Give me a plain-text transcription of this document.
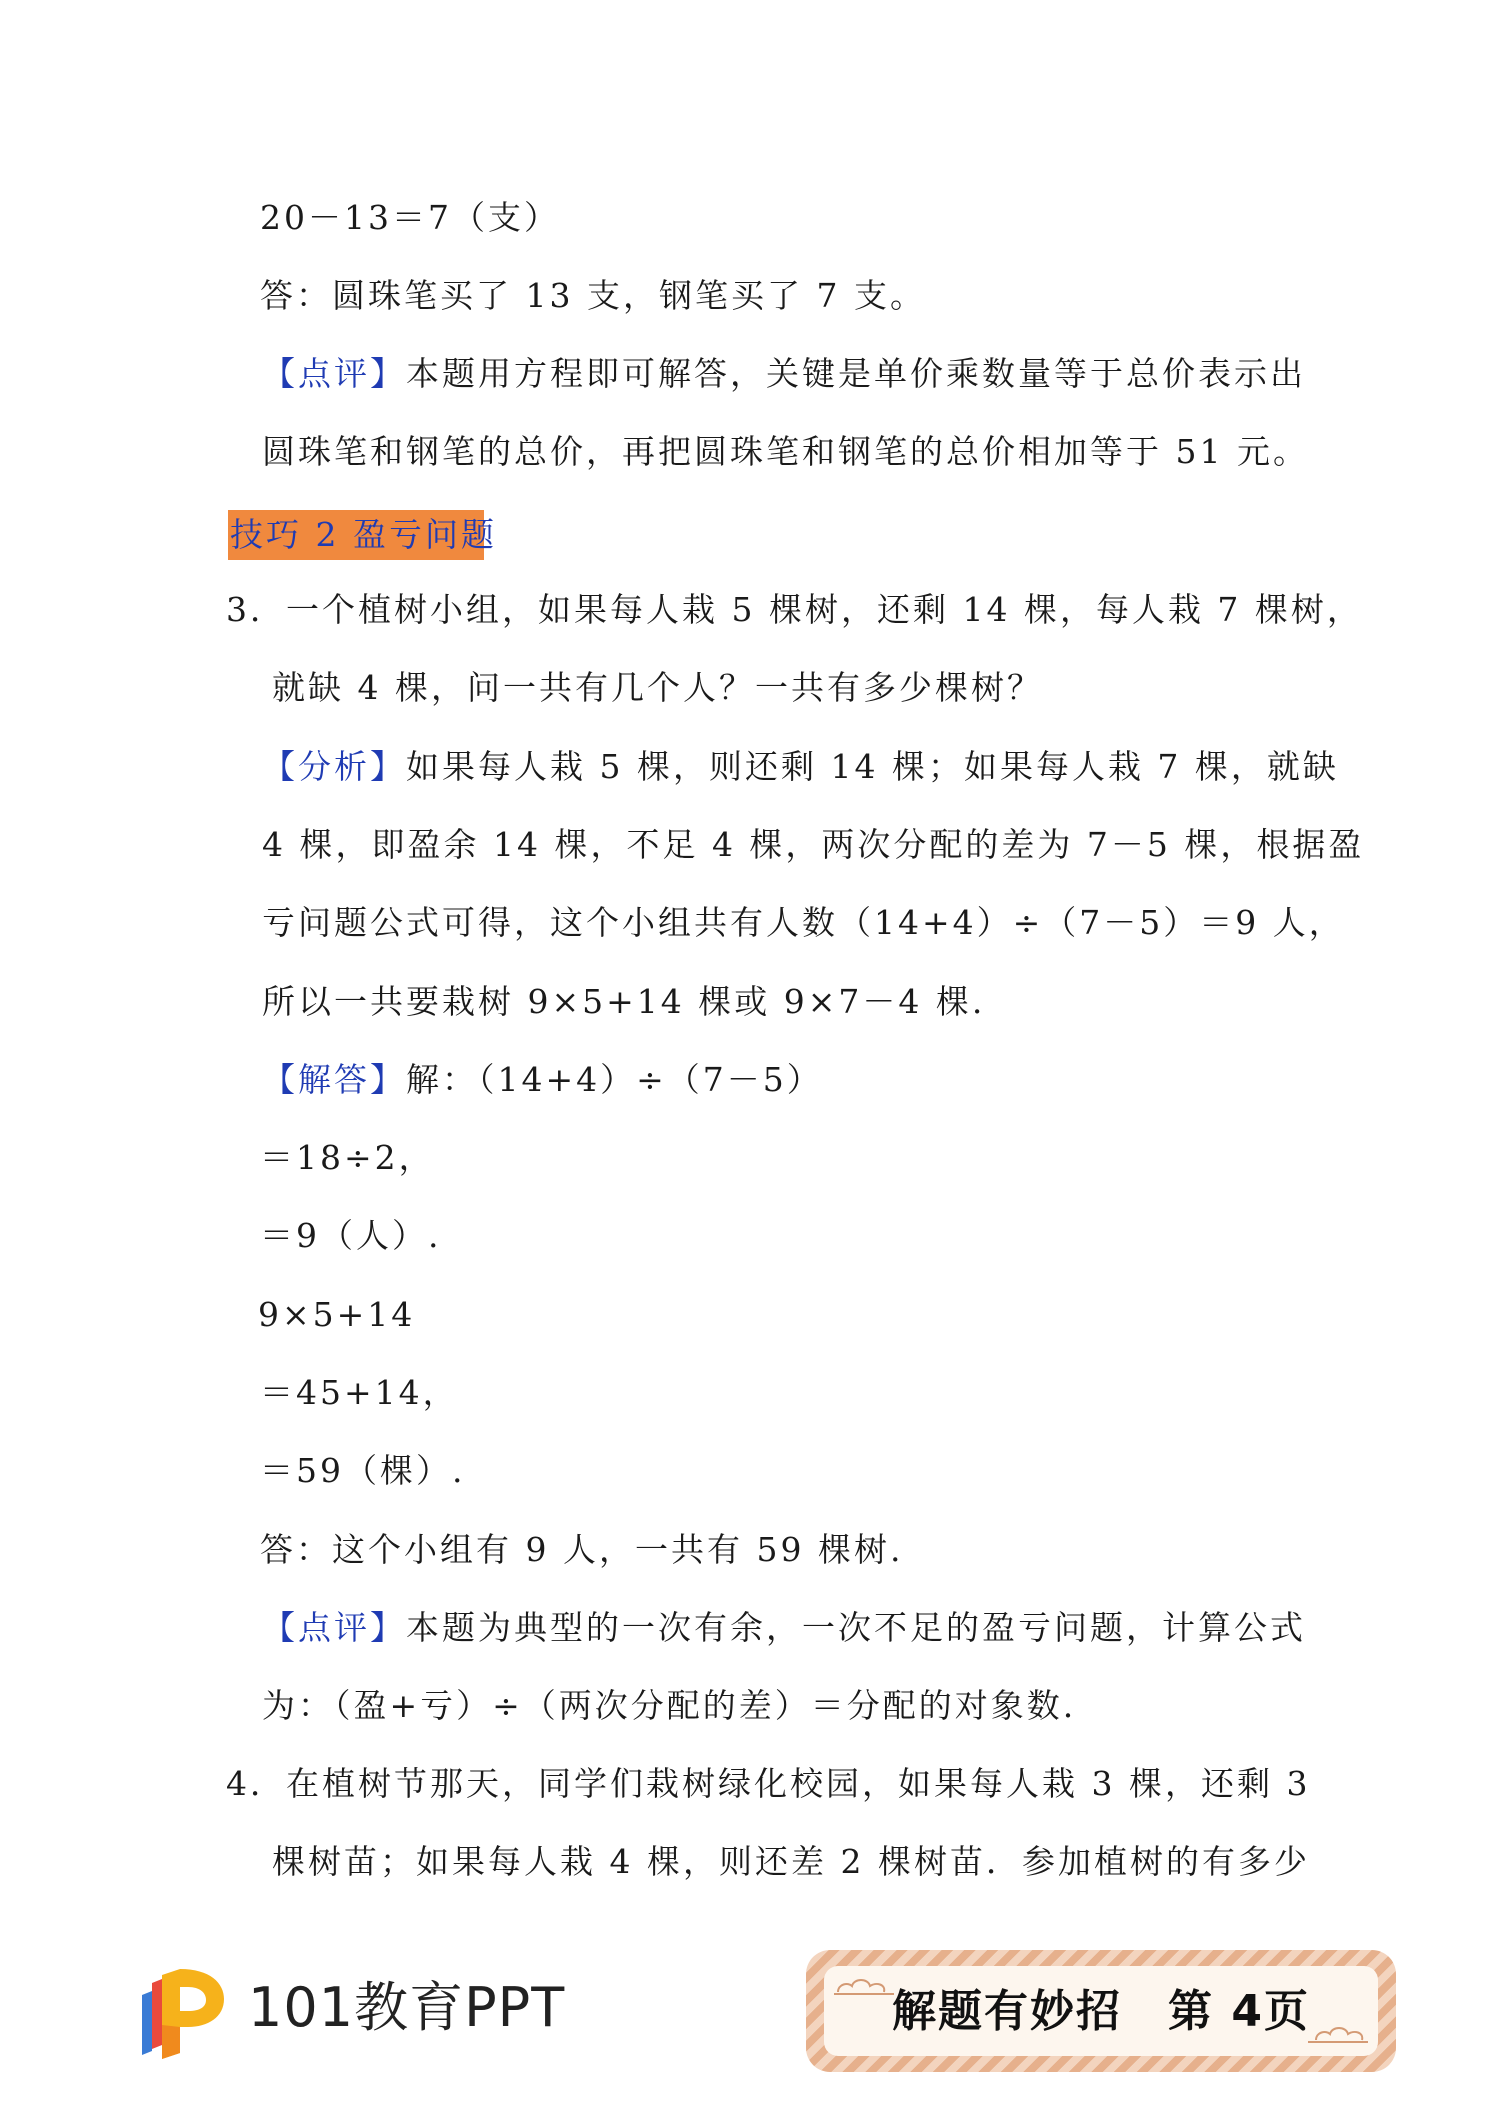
20－13＝7（支）
答：圆珠笔买了 13 支，钢笔买了 7 支。
【点评】本题用方程即可解答，关键是单价乘数量等于总价表示出
圆珠笔和钢笔的总价，再把圆珠笔和钢笔的总价相加等于 51 元。
技巧 2 盈亏问题
3．一个植树小组，如果每人栽 5 棵树，还剩 14 棵，每人栽 7 棵树，
就缺 4 棵，问一共有几个人？一共有多少棵树？
【分析】如果每人栽 5 棵，则还剩 14 棵；如果每人栽 7 棵，就缺
4 棵，即盈余 14 棵，不足 4 棵，两次分配的差为 7－5 棵，根据盈
亏问题公式可得，这个小组共有人数（14+4）÷（7－5）＝9 人，
所以一共要栽树 9×5+14 棵或 9×7－4 棵.
【解答】解：（14+4）÷（7－5）
＝18÷2，
＝9（人）.
9×5+14
＝45+14，
＝59（棵）.
答：这个小组有 9 人，一共有 59 棵树.
【点评】本题为典型的一次有余，一次不足的盈亏问题，计算公式
为：（盈+亏）÷（两次分配的差）＝分配的对象数.
4．在植树节那天，同学们栽树绿化校园，如果每人栽 3 棵，还剩 3
棵树苗；如果每人栽 4 棵，则还差 2 棵树苗．参加植树的有多少
101教育PPT	解题有妙招　第 4页
